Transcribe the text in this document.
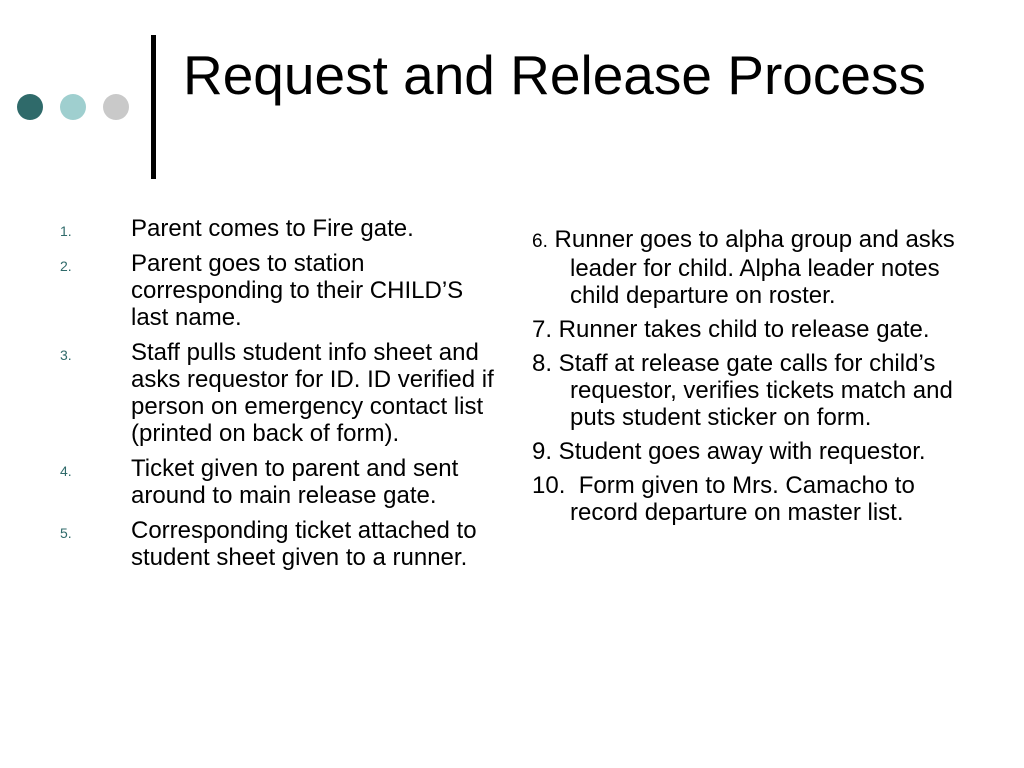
Request and Release Process
1. Parent comes to Fire gate.
2. Parent goes to station corresponding to their CHILD’S last name.
3. Staff pulls student info sheet and asks requestor for ID. ID verified if person on emergency contact list (printed on back of form).
4. Ticket given to parent and sent around to main release gate.
5. Corresponding ticket attached to student sheet given to a runner.
6. Runner goes to alpha group and asks leader for child. Alpha leader notes child departure on roster.
7. Runner takes child to release gate.
8. Staff at release gate calls for child’s requestor, verifies tickets match and puts student sticker on form.
9. Student goes away with requestor.
10.  Form given to Mrs. Camacho to record departure on master list.
